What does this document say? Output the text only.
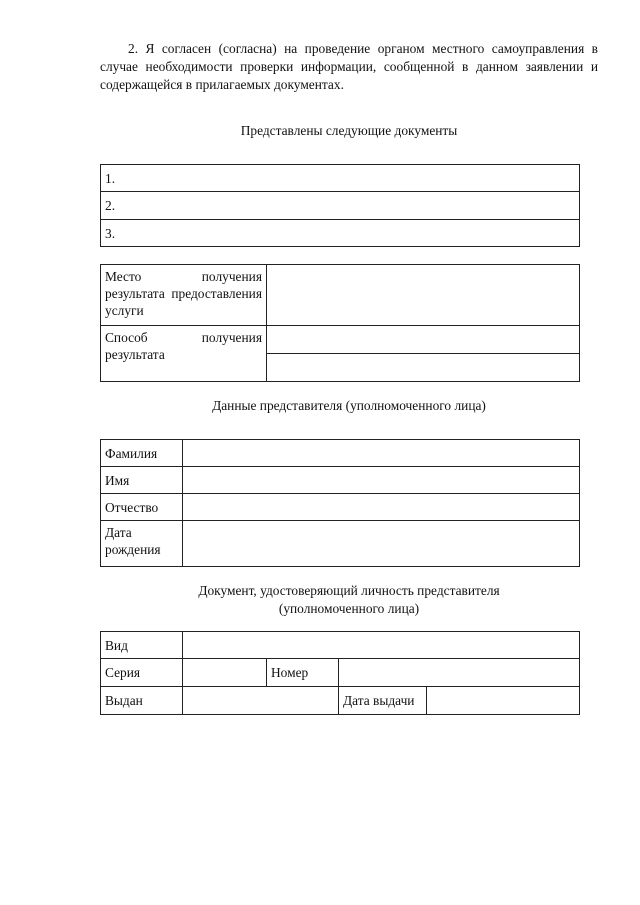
2. Я согласен (согласна) на проведение органом местного самоуправления в случае необходимости проверки информации, сообщенной в данном заявлении и содержащейся в прилагаемых документах.

Представлены следующие документы

1.
2.
3.
Место получения результата предоставления услуги	

Способ получения результата	

Данные представителя (уполномоченного лица)

Фамилия	
Имя	
Отчество	
Дата рождения	

Документ, удостоверяющий личность представителя
(уполномоченного лица)

Вид				
Серия		Номер		
Выдан			Дата выдачи	
